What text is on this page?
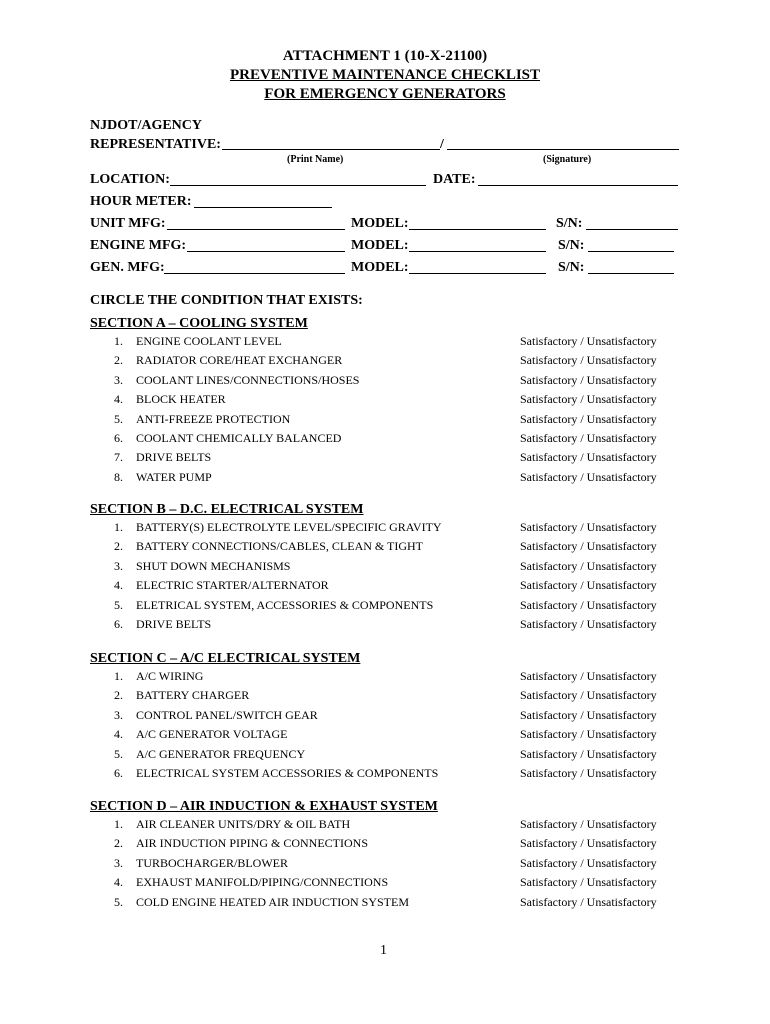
ATTACHMENT 1 (10-X-21100)
PREVENTIVE MAINTENANCE CHECKLIST
FOR EMERGENCY GENERATORS
NJDOT/AGENCY
REPRESENTATIVE:	/
(Print Name)	(Signature)
LOCATION:	DATE:
HOUR METER:
UNIT MFG:	MODEL:	S/N:
ENGINE MFG:	MODEL:	S/N:
GEN. MFG:	MODEL:	S/N:
CIRCLE THE CONDITION THAT EXISTS:
SECTION A – COOLING SYSTEM
1. ENGINE COOLANT LEVEL	Satisfactory / Unsatisfactory
2. RADIATOR CORE/HEAT EXCHANGER	Satisfactory / Unsatisfactory
3. COOLANT LINES/CONNECTIONS/HOSES	Satisfactory / Unsatisfactory
4. BLOCK HEATER	Satisfactory / Unsatisfactory
5. ANTI-FREEZE PROTECTION	Satisfactory / Unsatisfactory
6. COOLANT CHEMICALLY BALANCED	Satisfactory / Unsatisfactory
7. DRIVE BELTS	Satisfactory / Unsatisfactory
8. WATER PUMP	Satisfactory / Unsatisfactory
SECTION B – D.C. ELECTRICAL SYSTEM
1. BATTERY(S) ELECTROLYTE LEVEL/SPECIFIC GRAVITY	Satisfactory / Unsatisfactory
2. BATTERY CONNECTIONS/CABLES, CLEAN & TIGHT	Satisfactory / Unsatisfactory
3. SHUT DOWN MECHANISMS	Satisfactory / Unsatisfactory
4. ELECTRIC STARTER/ALTERNATOR	Satisfactory / Unsatisfactory
5. ELETRICAL SYSTEM, ACCESSORIES & COMPONENTS	Satisfactory / Unsatisfactory
6. DRIVE BELTS	Satisfactory / Unsatisfactory
SECTION C – A/C ELECTRICAL SYSTEM
1. A/C WIRING	Satisfactory / Unsatisfactory
2. BATTERY CHARGER	Satisfactory / Unsatisfactory
3. CONTROL PANEL/SWITCH GEAR	Satisfactory / Unsatisfactory
4. A/C GENERATOR VOLTAGE	Satisfactory / Unsatisfactory
5. A/C GENERATOR FREQUENCY	Satisfactory / Unsatisfactory
6. ELECTRICAL SYSTEM ACCESSORIES & COMPONENTS	Satisfactory / Unsatisfactory
SECTION D – AIR INDUCTION & EXHAUST SYSTEM
1. AIR CLEANER UNITS/DRY & OIL BATH	Satisfactory / Unsatisfactory
2. AIR INDUCTION PIPING & CONNECTIONS	Satisfactory / Unsatisfactory
3. TURBOCHARGER/BLOWER	Satisfactory / Unsatisfactory
4. EXHAUST MANIFOLD/PIPING/CONNECTIONS	Satisfactory / Unsatisfactory
5. COLD ENGINE HEATED AIR INDUCTION SYSTEM	Satisfactory / Unsatisfactory
1
